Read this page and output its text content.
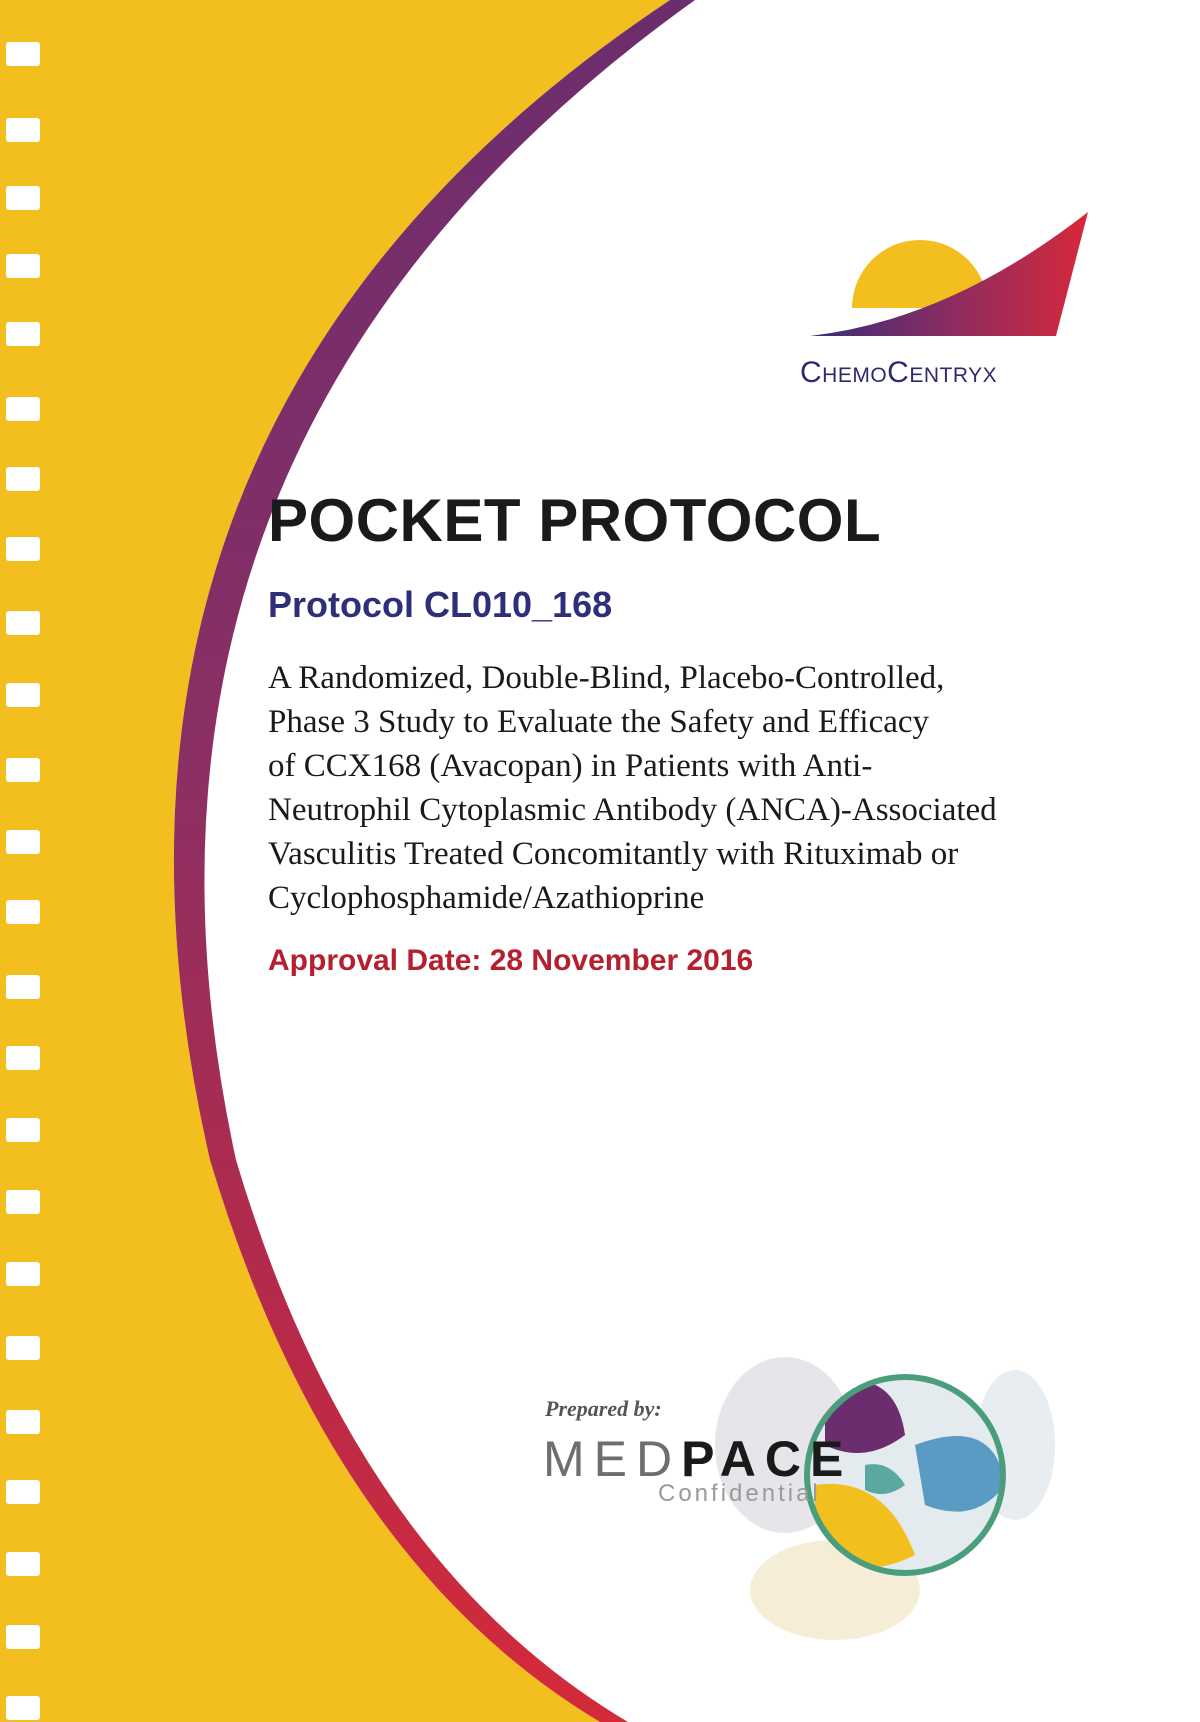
ChemoCentryx
POCKET PROTOCOL
Protocol CL010_168
A Randomized, Double-Blind, Placebo-Controlled,
Phase 3 Study to Evaluate the Safety and Efficacy
of CCX168 (Avacopan) in Patients with Anti-
Neutrophil Cytoplasmic Antibody (ANCA)-Associated
Vasculitis Treated Concomitantly with Rituximab or
Cyclophosphamide/Azathioprine
Approval Date: 28 November 2016
Prepared by:
MEDPACE
Confidential
